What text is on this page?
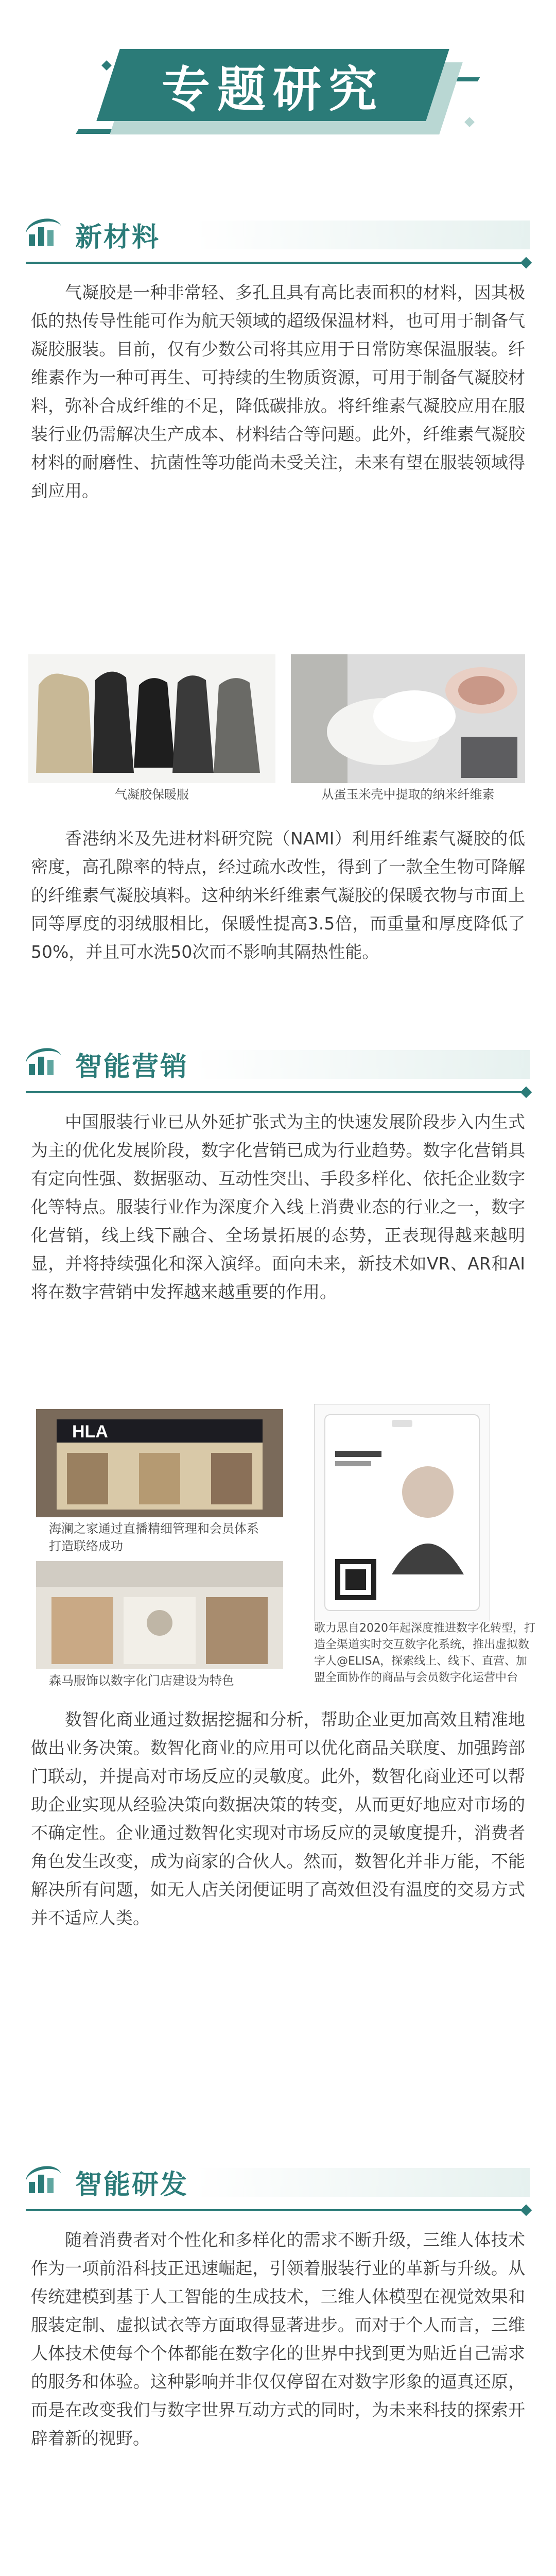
专题研究
新材料

气凝胶是一种非常轻、多孔且具有高比表面积的材料，因其极低的热传导性能可作为航天领域的超级保温材料，也可用于制备气凝胶服装。目前，仅有少数公司将其应用于日常防寒保温服装。纤维素作为一种可再生、可持续的生物质资源，可用于制备气凝胶材料，弥补合成纤维的不足，降低碳排放。将纤维素气凝胶应用在服装行业仍需解决生产成本、材料结合等问题。此外，纤维素气凝胶材料的耐磨性、抗菌性等功能尚未受关注，未来有望在服装领域得到应用。

气凝胶保暖服	从蛋玉米壳中提取的纳米纤维素

香港纳米及先进材料研究院（NAMI）利用纤维素气凝胶的低密度，高孔隙率的特点，经过疏水改性，得到了一款全生物可降解的纤维素气凝胶填料。这种纳米纤维素气凝胶的保暖衣物与市面上同等厚度的羽绒服相比，保暖性提高3.5倍，而重量和厚度降低了50%，并且可水洗50次而不影响其隔热性能。

智能营销

中国服装行业已从外延扩张式为主的快速发展阶段步入内生式为主的优化发展阶段，数字化营销已成为行业趋势。数字化营销具有定向性强、数据驱动、互动性突出、手段多样化、依托企业数字化等特点。服装行业作为深度介入线上消费业态的行业之一，数字化营销，线上线下融合、全场景拓展的态势，正表现得越来越明显，并将持续强化和深入演绎。面向未来，新技术如VR、AR和AI将在数字营销中发挥越来越重要的作用。

HLA
海澜之家通过直播精细管理和会员体系打造联络成功
森马服饰以数字化门店建设为特色
歌力思自2020年起深度推进数字化转型，打造全渠道实时交互数字化系统，推出虚拟数字人@ELISA，探索线上、线下、直营、加盟全面协作的商品与会员数字化运营中台

数智化商业通过数据挖掘和分析，帮助企业更加高效且精准地做出业务决策。数智化商业的应用可以优化商品关联度、加强跨部门联动，并提高对市场反应的灵敏度。此外，数智化商业还可以帮助企业实现从经验决策向数据决策的转变，从而更好地应对市场的不确定性。企业通过数智化实现对市场反应的灵敏度提升，消费者角色发生改变，成为商家的合伙人。然而，数智化并非万能，不能解决所有问题，如无人店关闭便证明了高效但没有温度的交易方式并不适应人类。

智能研发

随着消费者对个性化和多样化的需求不断升级，三维人体技术作为一项前沿科技正迅速崛起，引领着服装行业的革新与升级。从传统建模到基于人工智能的生成技术，三维人体模型在视觉效果和服装定制、虚拟试衣等方面取得显著进步。而对于个人而言，三维人体技术使每个个体都能在数字化的世界中找到更为贴近自己需求的服务和体验。这种影响并非仅仅停留在对数字形象的逼真还原，而是在改变我们与数字世界互动方式的同时，为未来科技的探索开辟着新的视野。
